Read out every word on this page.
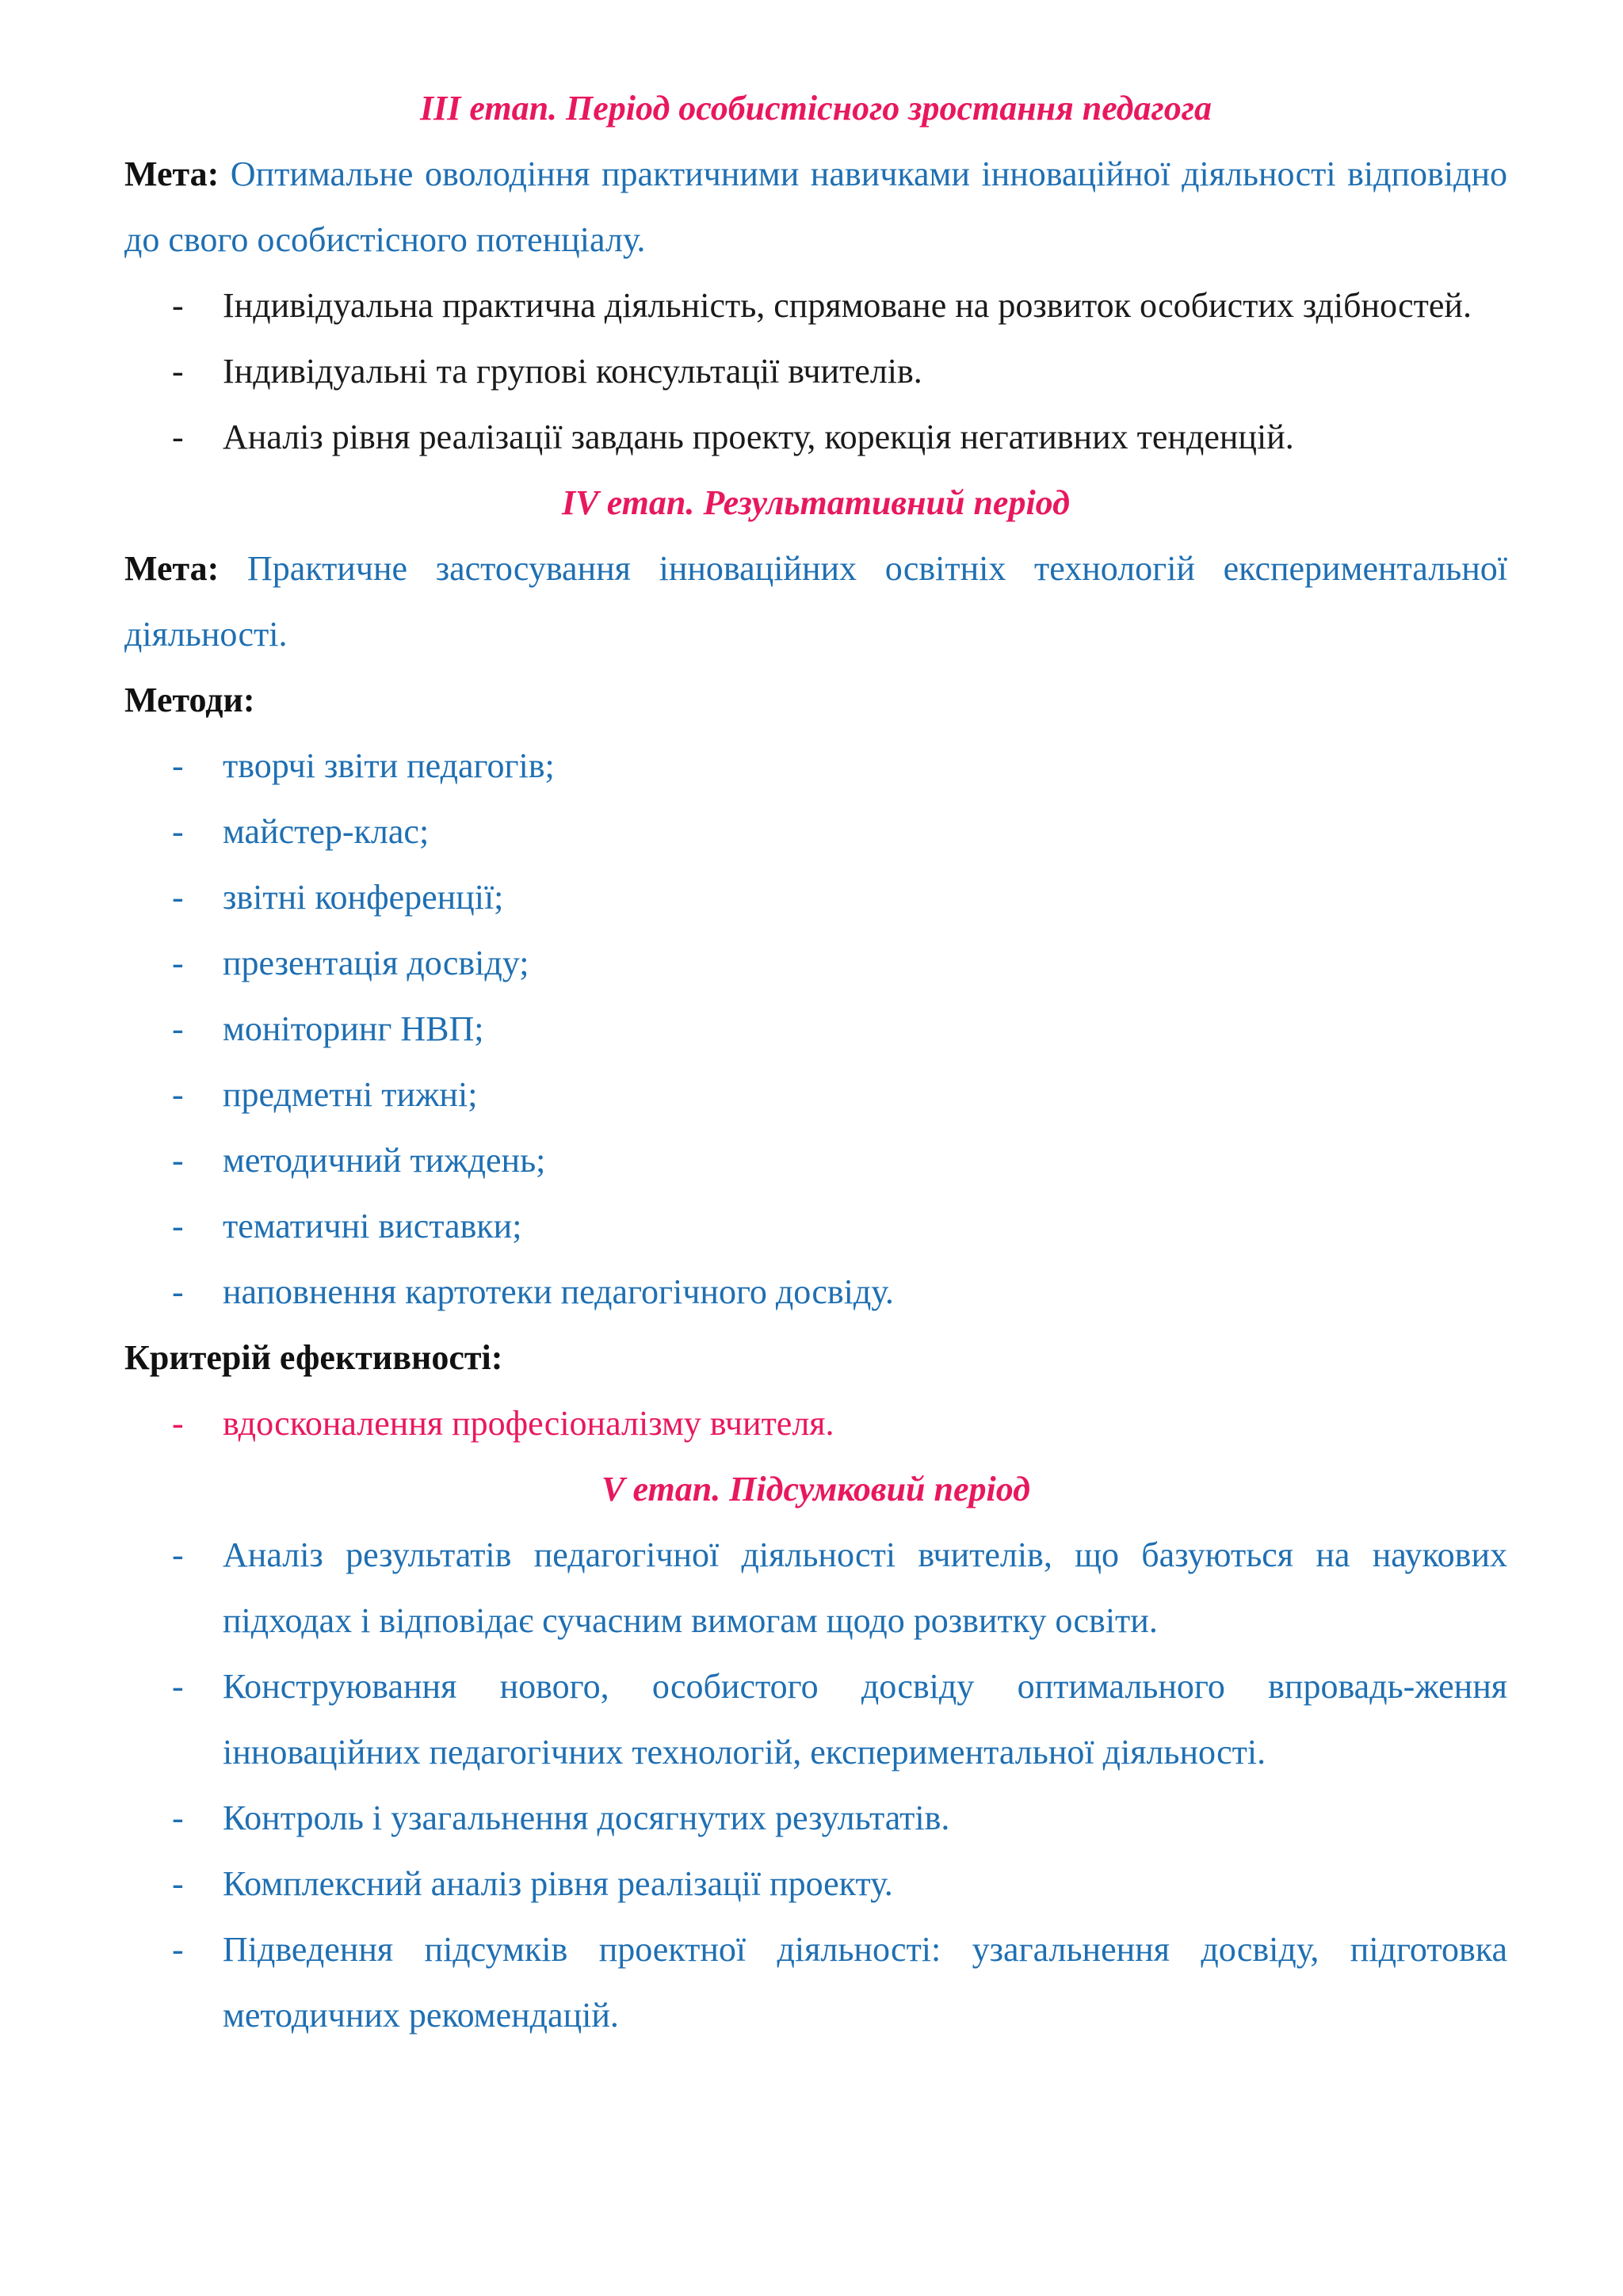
III етап. Період особистісного зростання педагога

Мета: Оптимальне оволодіння практичними навичками інноваційної діяльності відповідно до свого особистісного потенціалу.

- Індивідуальна практична діяльність, спрямоване на розвиток особистих здібностей.
- Індивідуальні та групові консультації вчителів.
- Аналіз рівня реалізації завдань проекту, корекція негативних тенденцій.

IV етап. Результативний період

Мета: Практичне застосування інноваційних освітніх технологій експериментальної діяльності.

Методи:

- творчі звіти педагогів;
- майстер-клас;
- звітні конференції;
- презентація досвіду;
- моніторинг НВП;
- предметні тижні;
- методичний тиждень;
- тематичні виставки;
- наповнення картотеки педагогічного досвіду.

Критерій ефективності:

- вдосконалення професіоналізму вчителя.

V етап. Підсумковий період

- Аналіз результатів педагогічної діяльності вчителів, що базуються на наукових підходах і відповідає сучасним вимогам щодо розвитку освіти.
- Конструювання нового, особистого досвіду оптимального впровадь-ження інноваційних педагогічних технологій, експериментальної діяльності.
- Контроль і узагальнення досягнутих результатів.
- Комплексний аналіз рівня реалізації проекту.
- Підведення підсумків проектної діяльності: узагальнення досвіду, підготовка методичних рекомендацій.
